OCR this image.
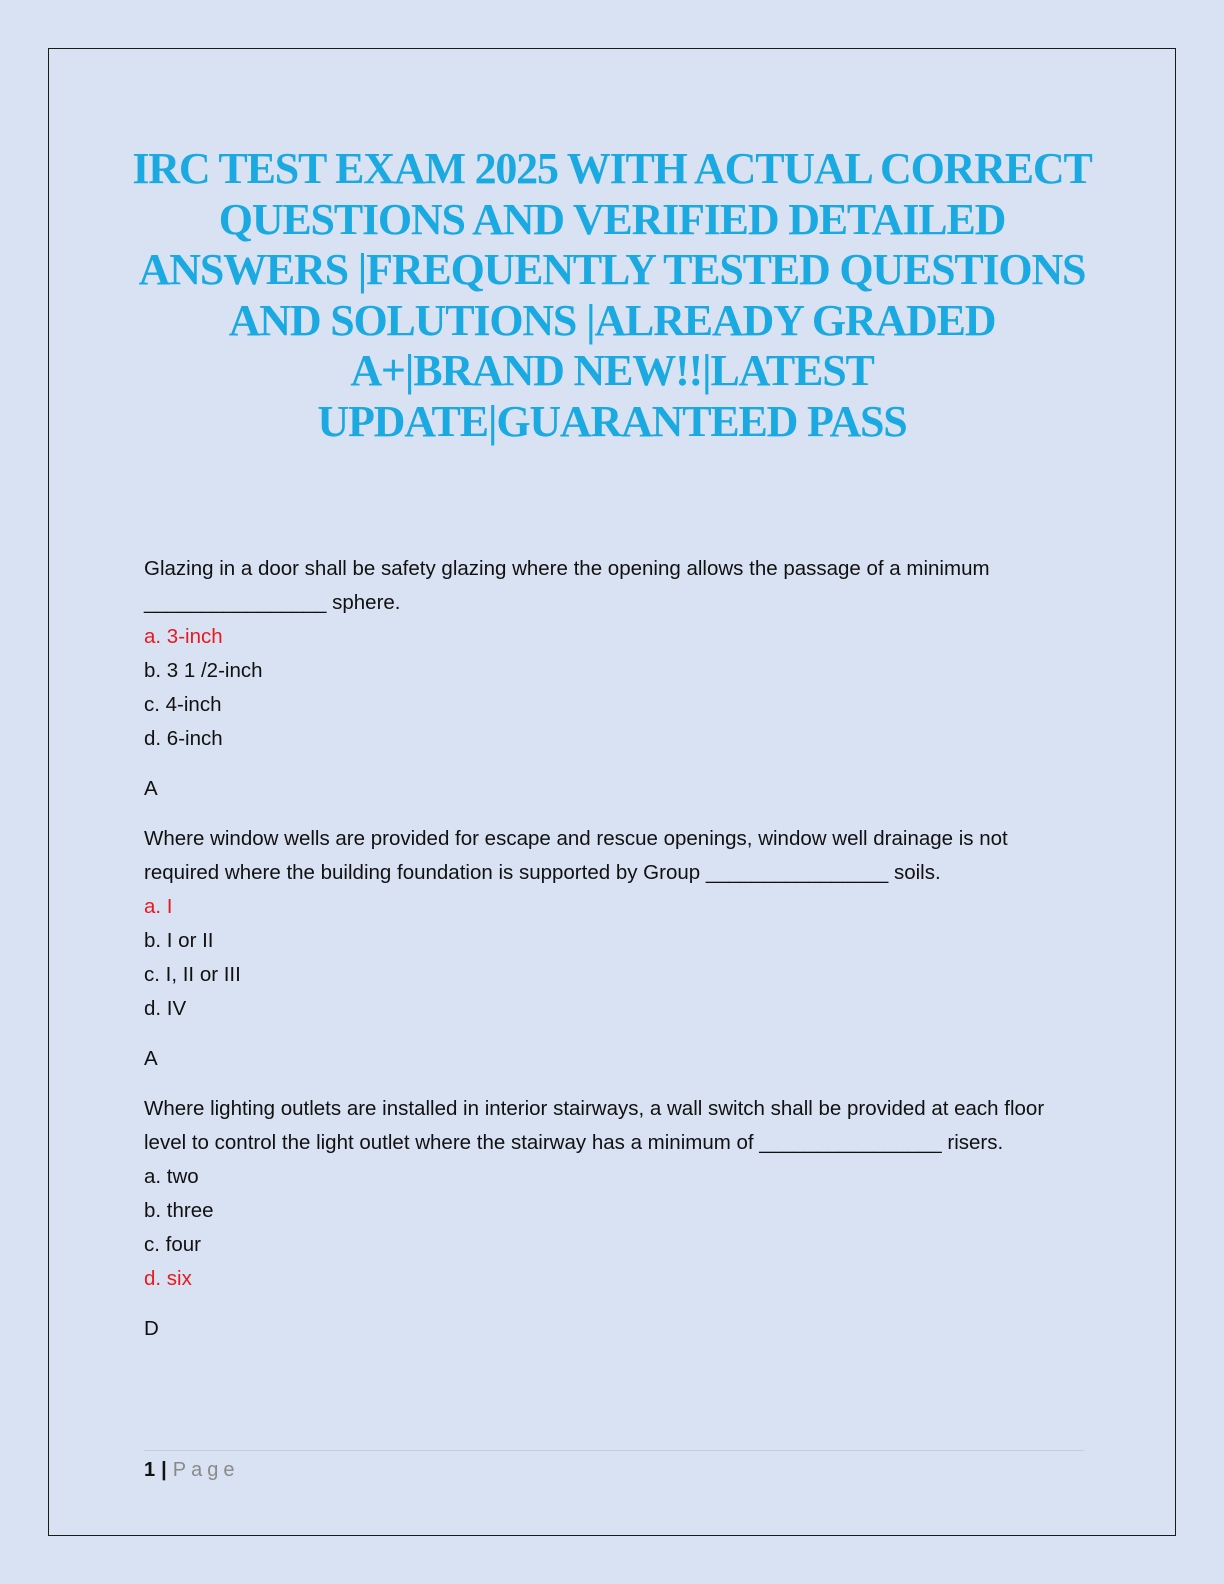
IRC TEST EXAM 2025 WITH ACTUAL CORRECT QUESTIONS AND VERIFIED DETAILED ANSWERS |FREQUENTLY TESTED QUESTIONS AND SOLUTIONS |ALREADY GRADED A+|BRAND NEW!!|LATEST UPDATE|GUARANTEED PASS

Glazing in a door shall be safety glazing where the opening allows the passage of a minimum ________________ sphere.

a. 3-inch
b. 3 1 /2-inch
c. 4-inch
d. 6-inch

A

Where window wells are provided for escape and rescue openings, window well drainage is not required where the building foundation is supported by Group ________________ soils.

a. I
b. I or II
c. I, II or III
d. IV

A

Where lighting outlets are installed in interior stairways, a wall switch shall be provided at each floor level to control the light outlet where the stairway has a minimum of ________________ risers.

a. two
b. three
c. four
d. six

D

1 | Page
